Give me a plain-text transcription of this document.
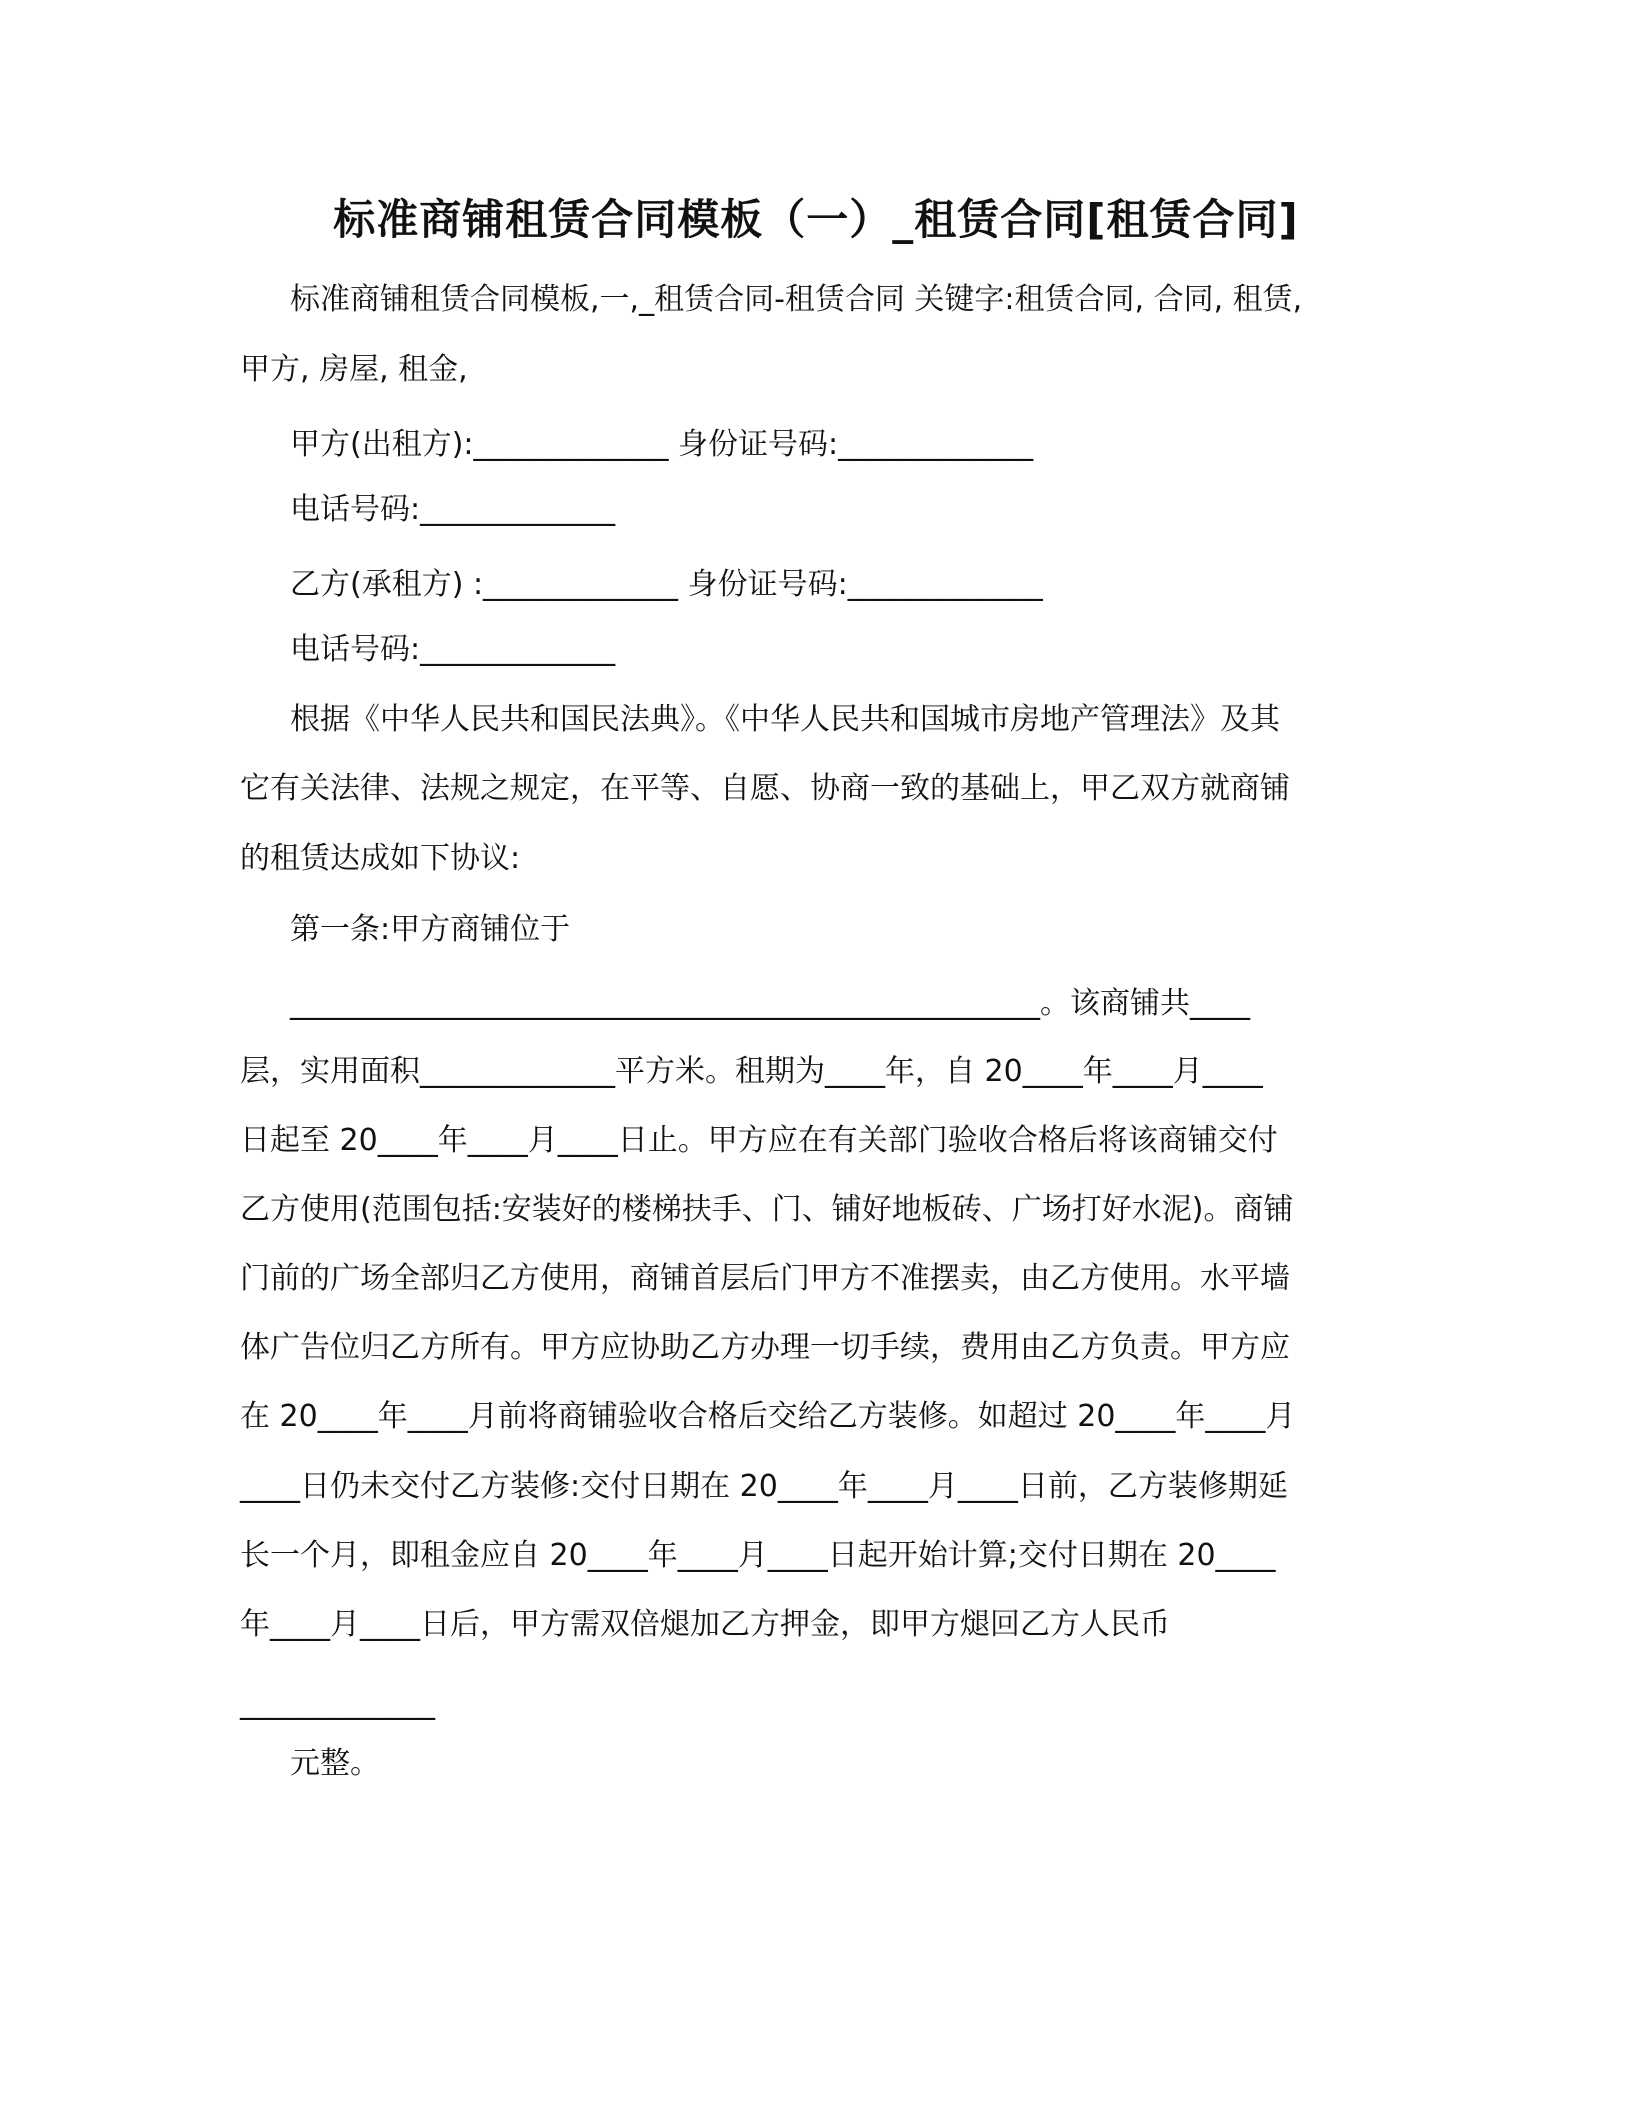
标准商铺租赁合同模板（一）_租赁合同[租赁合同]
标准商铺租赁合同模板,一,_租赁合同-租赁合同 关键字:租赁合同, 合同, 租赁,
甲方, 房屋, 租金,
甲方(出租方):_____________ 身份证号码:_____________
电话号码:_____________
乙方(承租方) :_____________ 身份证号码:_____________
电话号码:_____________
根据《中华人民共和国民法典》。《中华人民共和国城市房地产管理法》及其
它有关法律、法规之规定，在平等、自愿、协商一致的基础上，甲乙双方就商铺
的租赁达成如下协议:
第一条:甲方商铺位于
__________________________________________________。该商铺共____
层，实用面积_____________平方米。租期为____年，自 20____年____月____
日起至 20____年____月____日止。甲方应在有关部门验收合格后将该商铺交付
乙方使用(范围包括:安装好的楼梯扶手、门、铺好地板砖、广场打好水泥)。商铺
门前的广场全部归乙方使用，商铺首层后门甲方不准摆卖，由乙方使用。水平墙
体广告位归乙方所有。甲方应协助乙方办理一切手续，费用由乙方负责。甲方应
在 20____年____月前将商铺验收合格后交给乙方装修。如超过 20____年____月
____日仍未交付乙方装修:交付日期在 20____年____月____日前，乙方装修期延
长一个月，即租金应自 20____年____月____日起开始计算;交付日期在 20____
年____月____日后，甲方需双倍煺加乙方押金，即甲方煺回乙方人民币
_____________
元整。
